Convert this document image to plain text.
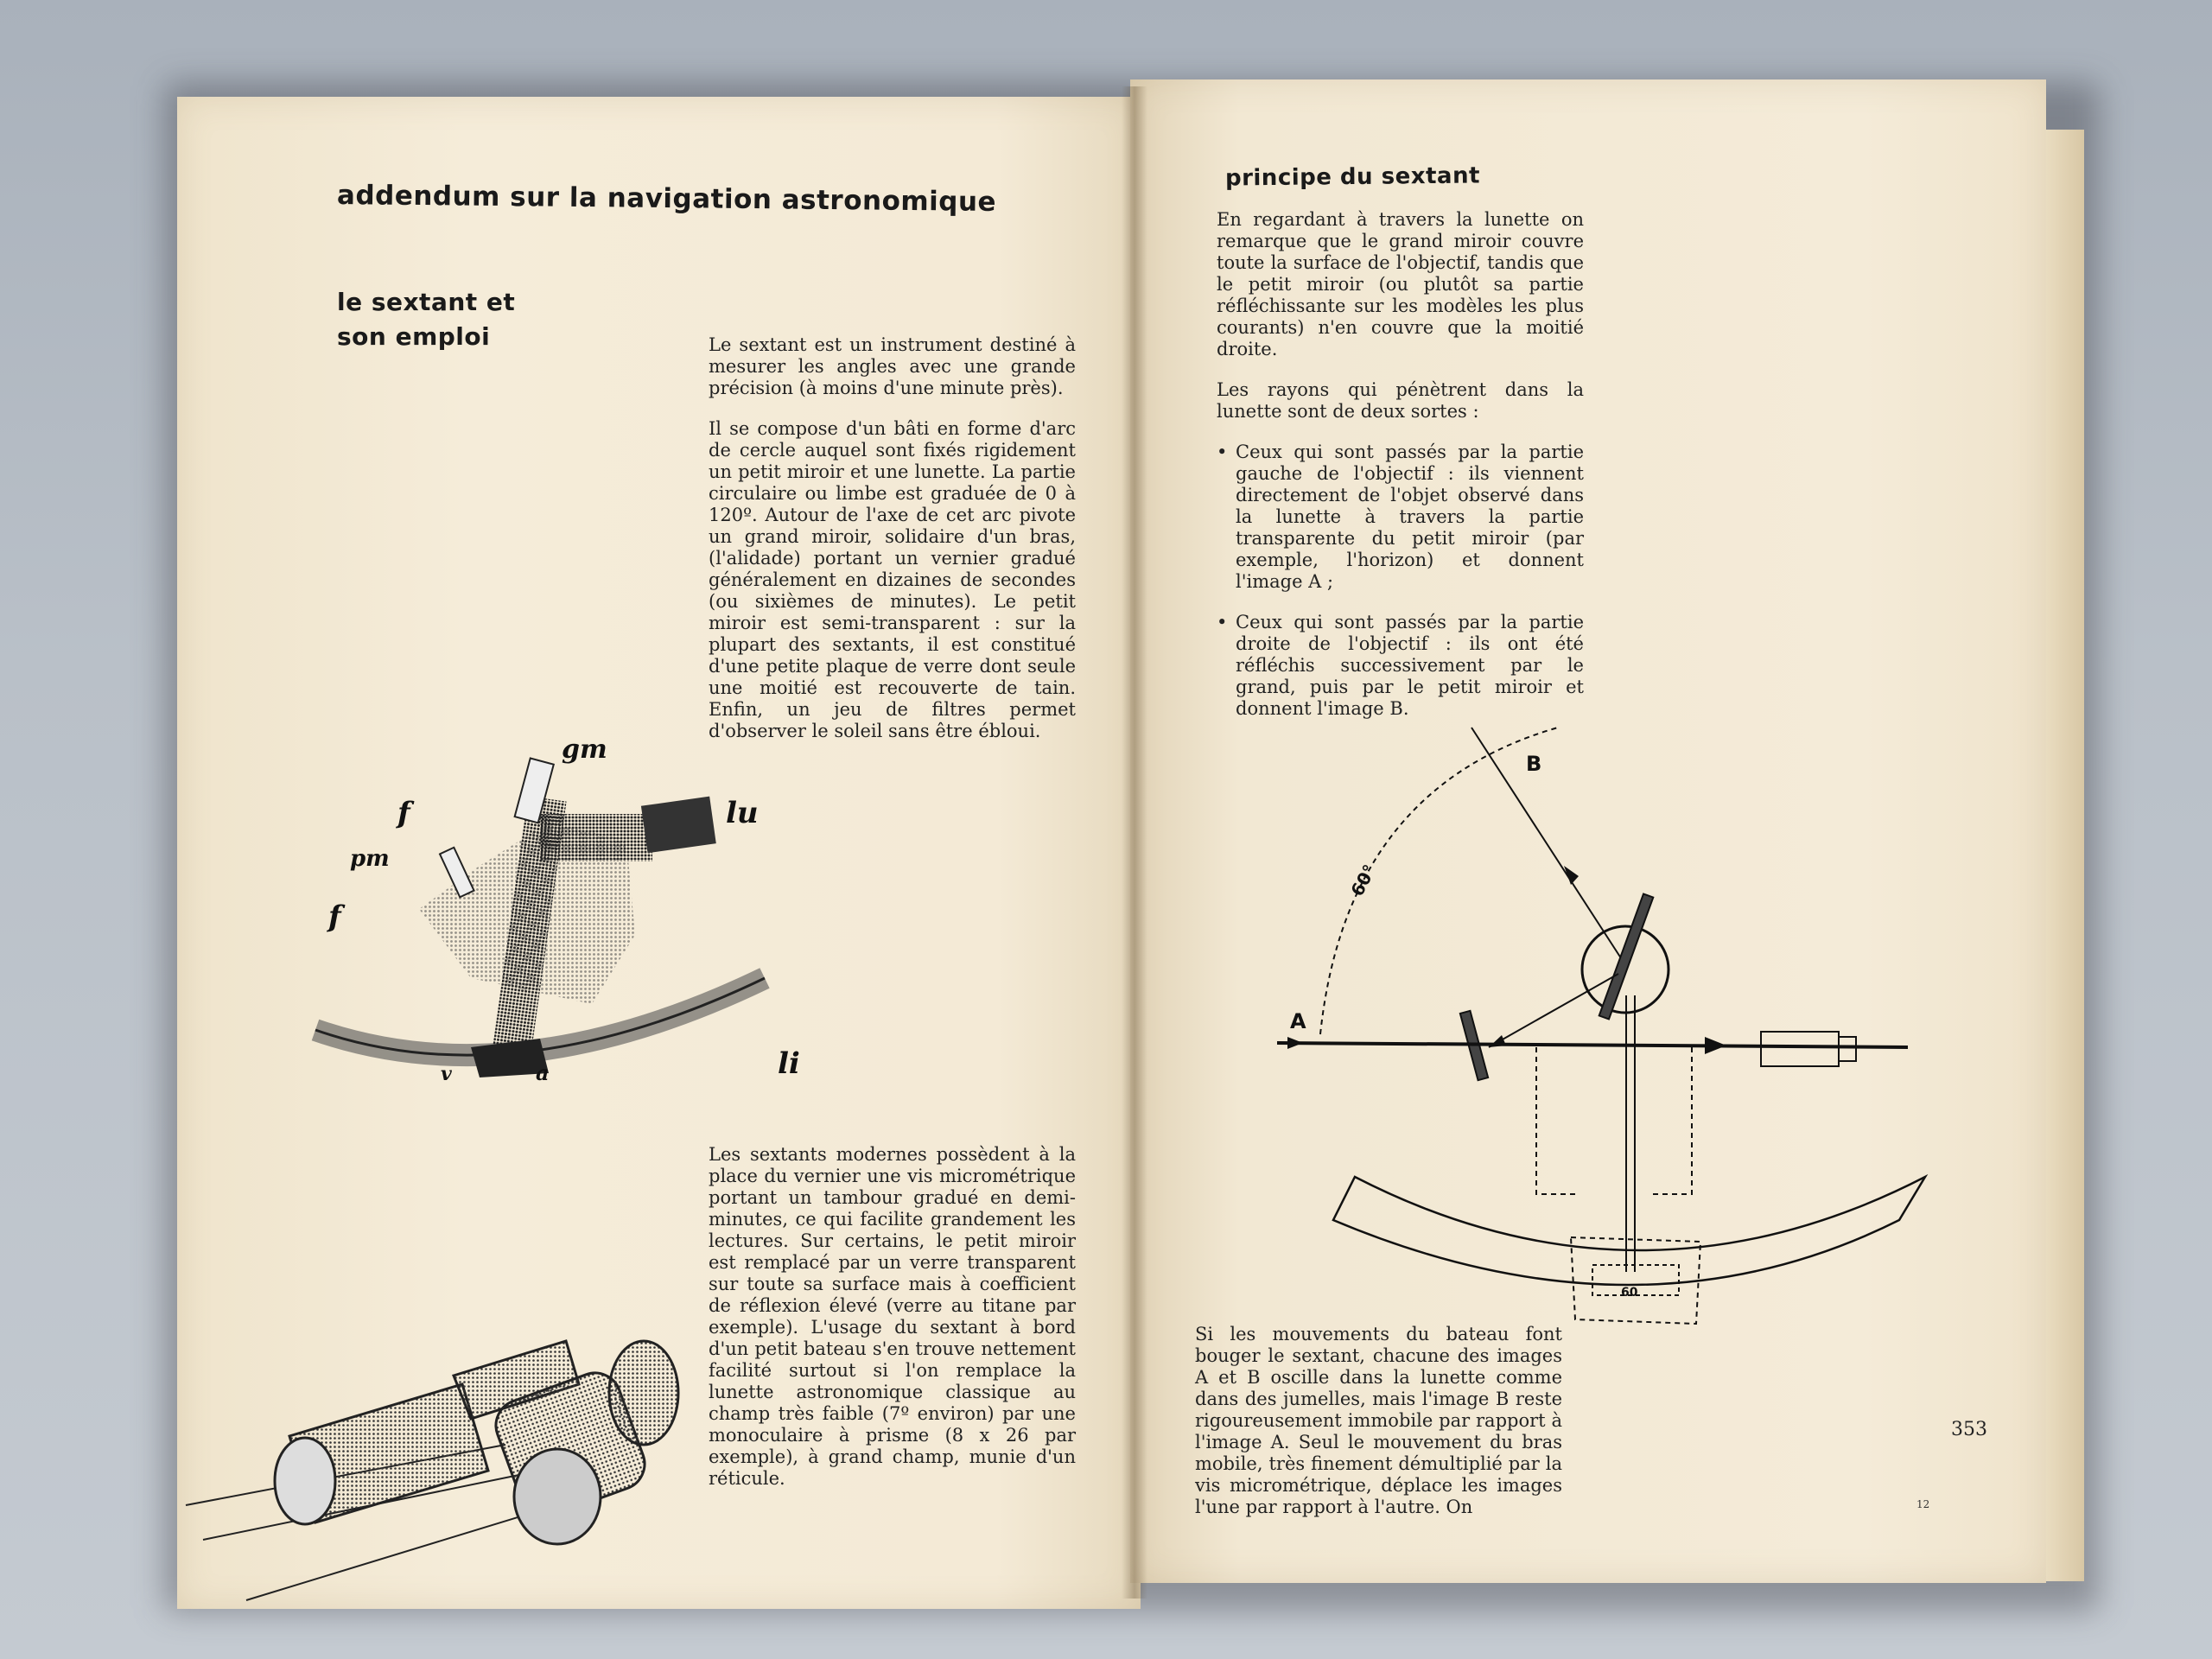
addendum sur la navigation astronomique
le sextant et
son emploi	Le sextant est un instrument destiné à mesurer les angles avec une grande précision (à moins d'une minute près).

Il se compose d'un bâti en forme d'arc de cercle auquel sont fixés rigidement un petit miroir et une lunette. La partie circulaire ou limbe est graduée de 0 à 120º. Autour de l'axe de cet arc pivote un grand miroir, solidaire d'un bras, (l'alidade) portant un vernier gradué généralement en dizaines de secondes (ou sixièmes de minutes). Le petit miroir est semi-transparent : sur la plupart des sextants, il est constitué d'une petite plaque de verre dont seule une moitié est recouverte de tain. Enfin, un jeu de filtres permet d'observer le soleil sans être ébloui.

gm
lu
f
pm
f
li
v	a

Les sextants modernes possèdent à la place du vernier une vis micrométrique portant un tambour gradué en demi-minutes, ce qui facilite grandement les lectures. Sur certains, le petit miroir est remplacé par un verre transparent sur toute sa surface mais à coefficient de réflexion élevé (verre au titane par exemple). L'usage du sextant à bord d'un petit bateau s'en trouve nettement facilité surtout si l'on remplace la lunette astronomique classique au champ très faible (7º environ) par une monoculaire à prisme (8 x 26 par exemple), à grand champ, munie d'un réticule.

principe du sextant

En regardant à travers la lunette on remarque que le grand miroir couvre toute la surface de l'objectif, tandis que le petit miroir (ou plutôt sa partie réfléchissante sur les modèles les plus courants) n'en couvre que la moitié droite.

Les rayons qui pénètrent dans la lunette sont de deux sortes :

• Ceux qui sont passés par la partie gauche de l'objectif : ils viennent directement de l'objet observé dans la lunette à travers la partie transparente du petit miroir (par exemple, l'horizon) et donnent l'image A ;

• Ceux qui sont passés par la partie droite de l'objectif : ils ont été réfléchis successivement par le grand, puis par le petit miroir et donnent l'image B.

B
A
60°
60

Si les mouvements du bateau font bouger le sextant, chacune des images A et B oscille dans la lunette comme dans des jumelles, mais l'image B reste rigoureusement immobile par rapport à l'image A. Seul le mouvement du bras mobile, très finement démultiplié par la vis micrométrique, déplace les images l'une par rapport à l'autre. On

353
12
